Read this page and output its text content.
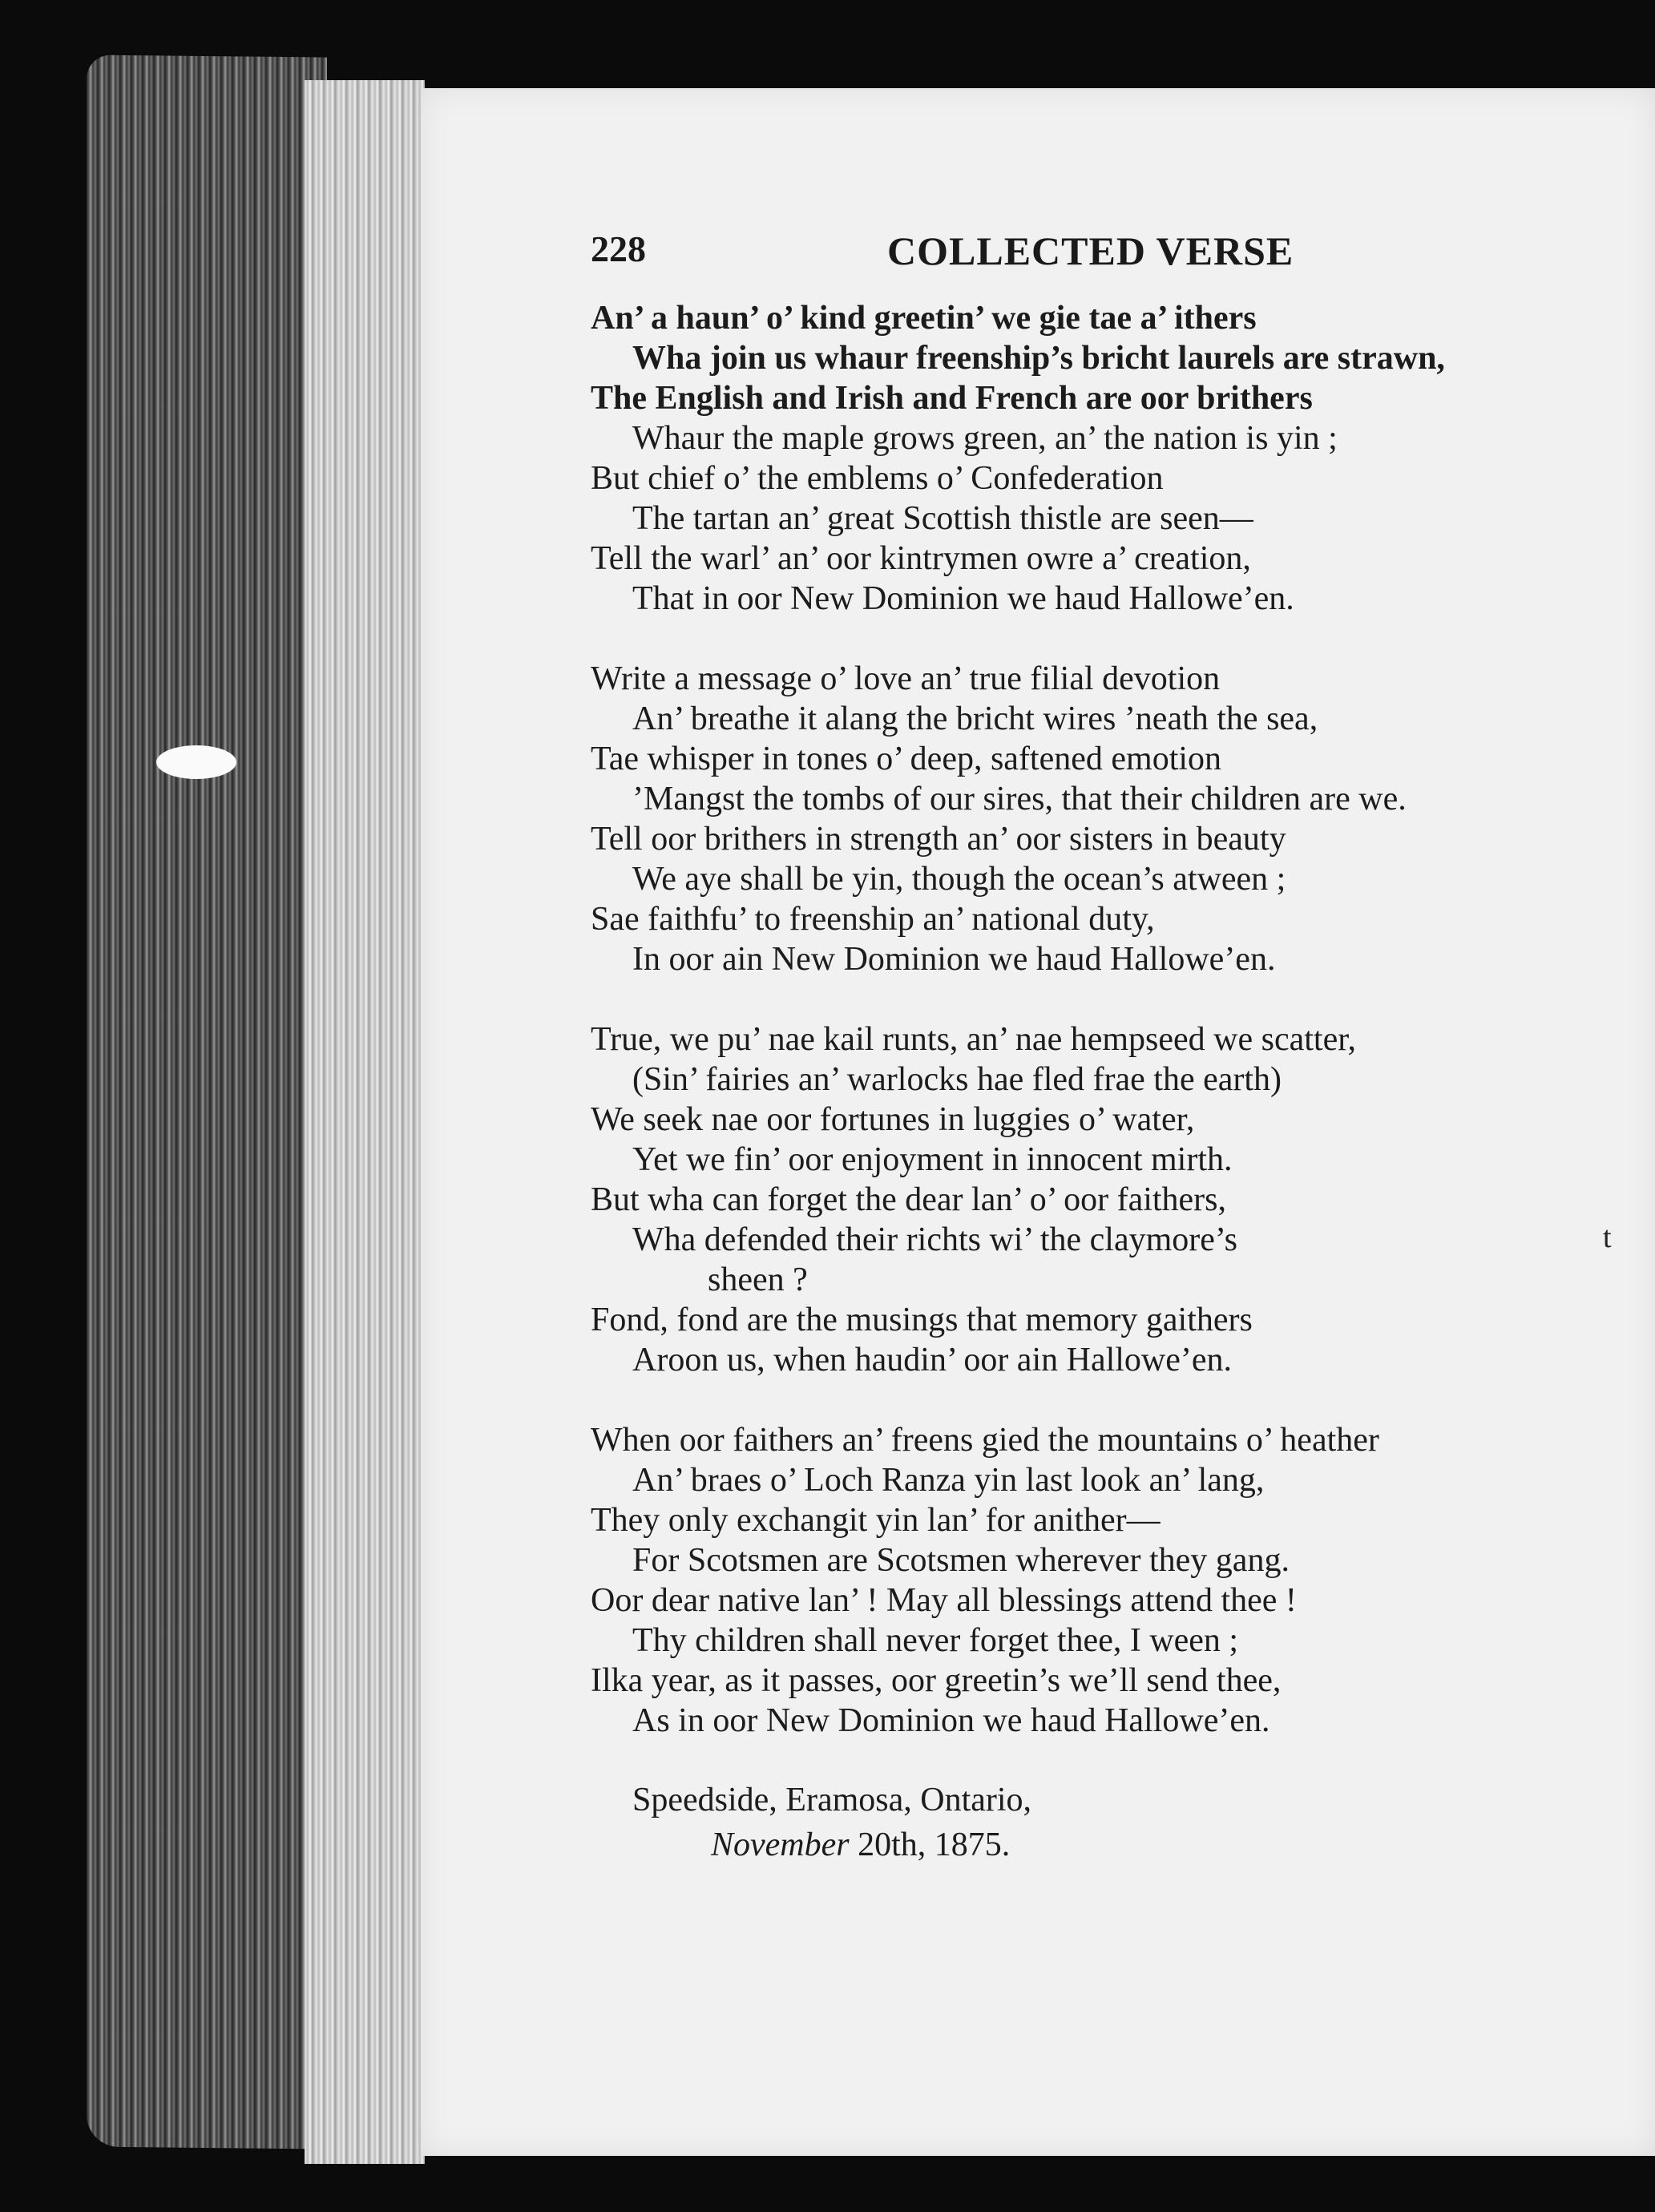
228	COLLECTED VERSE
An’ a haun’ o’ kind greetin’ we gie tae a’ ithers
Wha join us whaur freenship’s bricht laurels are strawn,
The English and Irish and French are oor brithers
Whaur the maple grows green, an’ the nation is yin ;
But chief o’ the emblems o’ Confederation
The tartan an’ great Scottish thistle are seen—
Tell the warl’ an’ oor kintrymen owre a’ creation,
That in oor New Dominion we haud Hallowe’en.
Write a message o’ love an’ true filial devotion
An’ breathe it alang the bricht wires ’neath the sea,
Tae whisper in tones o’ deep, saftened emotion
’Mangst the tombs of our sires, that their children are we.
Tell oor brithers in strength an’ oor sisters in beauty
We aye shall be yin, though the ocean’s atween ;
Sae faithfu’ to freenship an’ national duty,
In oor ain New Dominion we haud Hallowe’en.
True, we pu’ nae kail runts, an’ nae hempseed we scatter,
(Sin’ fairies an’ warlocks hae fled frae the earth)
We seek nae oor fortunes in luggies o’ water,
Yet we fin’ oor enjoyment in innocent mirth.
But wha can forget the dear lan’ o’ oor faithers,
Wha defended their richts wi’ the claymore’s
sheen ?
Fond, fond are the musings that memory gaithers
Aroon us, when haudin’ oor ain Hallowe’en.
When oor faithers an’ freens gied the mountains o’ heather
An’ braes o’ Loch Ranza yin last look an’ lang,
They only exchangit yin lan’ for anither—
For Scotsmen are Scotsmen wherever they gang.
Oor dear native lan’ ! May all blessings attend thee !
Thy children shall never forget thee, I ween ;
Ilka year, as it passes, oor greetin’s we’ll send thee,
As in oor New Dominion we haud Hallowe’en.
t
Speedside, Eramosa, Ontario,
November 20th, 1875.
